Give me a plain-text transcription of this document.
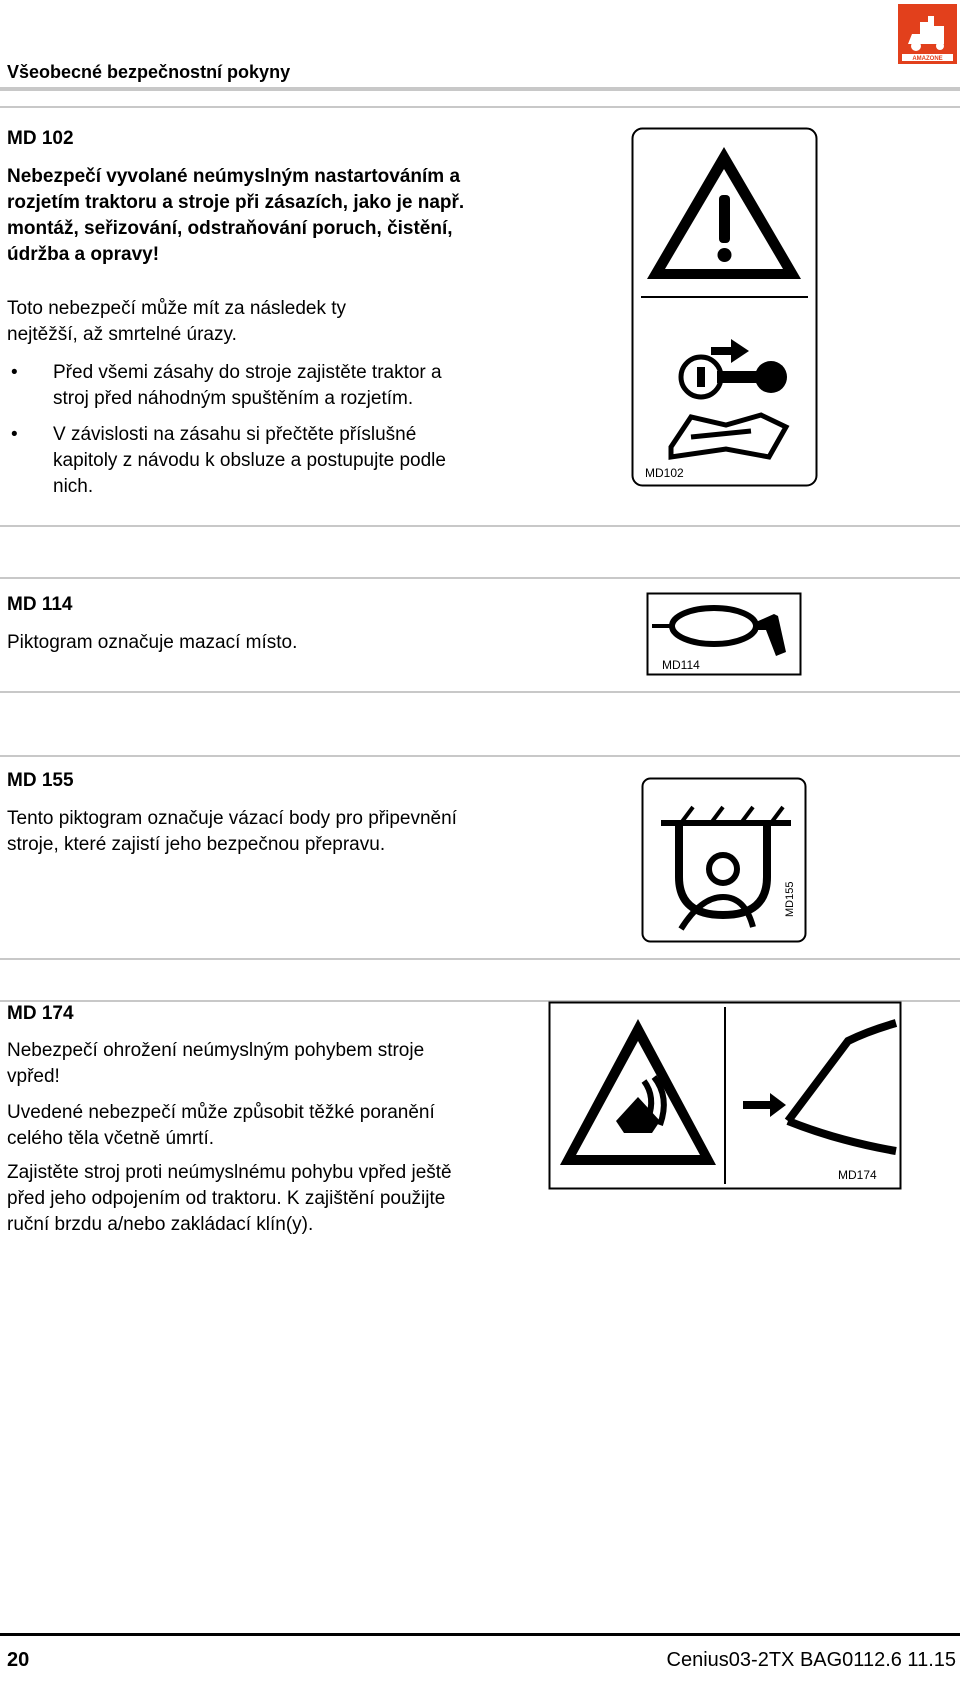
Všeobecné bezpečnostní pokyny
AMAZONE
MD 102
Nebezpečí vyvolané neúmyslným nastartováním a rozjetím traktoru a stroje při zásazích, jako je např. montáž, seřizování, odstraňování poruch, čistění, údržba a opravy!
Toto nebezpečí může mít za následek ty nejtěžší, až smrtelné úrazy.
• Před všemi zásahy do stroje zajistěte traktor a stroj před náhodným spuštěním a rozjetím.
• V závislosti na zásahu si přečtěte příslušné kapitoly z návodu k obsluze a postupujte podle nich.
MD102
MD 114
Piktogram označuje mazací místo.
MD114
MD 155
Tento piktogram označuje vázací body pro připevnění stroje, které zajistí jeho bezpečnou přepravu.
MD155
MD 174
Nebezpečí ohrožení neúmyslným pohybem stroje vpřed!
Uvedené nebezpečí může způsobit těžké poranění celého těla včetně úmrtí.
Zajistěte stroj proti neúmyslnému pohybu vpřed ještě před jeho odpojením od traktoru. K zajištění použijte ruční brzdu a/nebo zakládací klín(y).
MD174
20	Cenius03-2TX BAG0112.6 11.15
